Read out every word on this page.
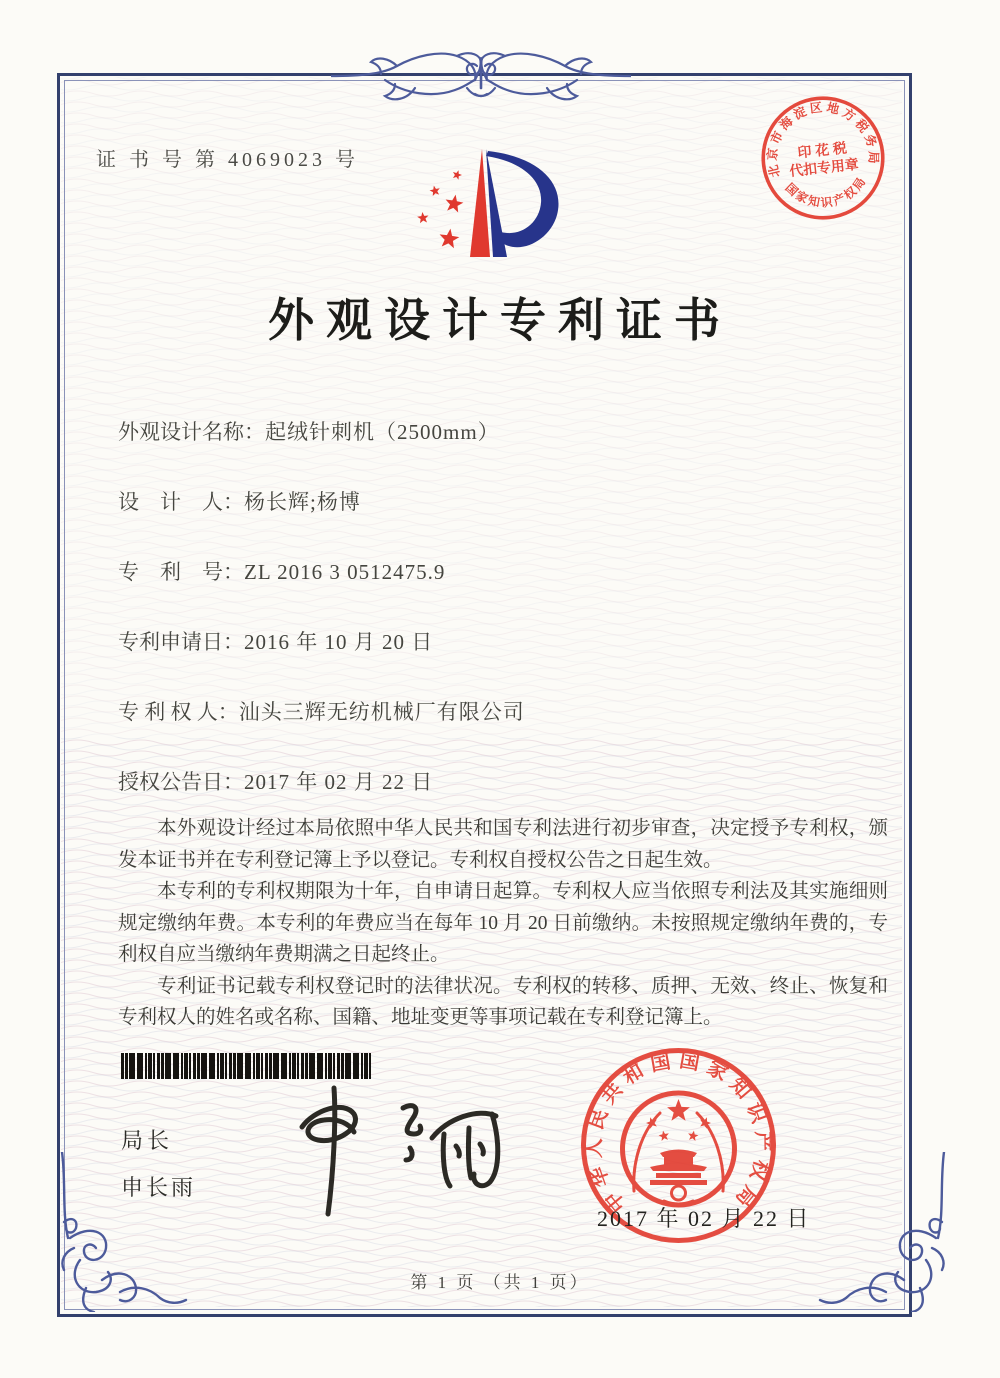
证 书 号 第 4069023 号	北京市海淀区地方税务局
国家知识产权局
印 花 税
代扣专用章
外观设计专利证书
外观设计名称：起绒针刺机（2500mm）
设　计　人：杨长辉;杨博
专　利　号：ZL 2016 3 0512475.9
专利申请日：2016 年 10 月 20 日
专 利 权 人：汕头三辉无纺机械厂有限公司
授权公告日：2017 年 02 月 22 日

本外观设计经过本局依照中华人民共和国专利法进行初步审查，决定授予专利权，颁发本证书并在专利登记簿上予以登记。专利权自授权公告之日起生效。

本专利的专利权期限为十年，自申请日起算。专利权人应当依照专利法及其实施细则规定缴纳年费。本专利的年费应当在每年 10 月 20 日前缴纳。未按照规定缴纳年费的，专利权自应当缴纳年费期满之日起终止。

专利证书记载专利权登记时的法律状况。专利权的转移、质押、无效、终止、恢复和专利权人的姓名或名称、国籍、地址变更等事项记载在专利登记簿上。

局长
申长雨	中华人民共和国国家知识产权局
2017 年 02 月 22 日
第 1 页 （共 1 页）
